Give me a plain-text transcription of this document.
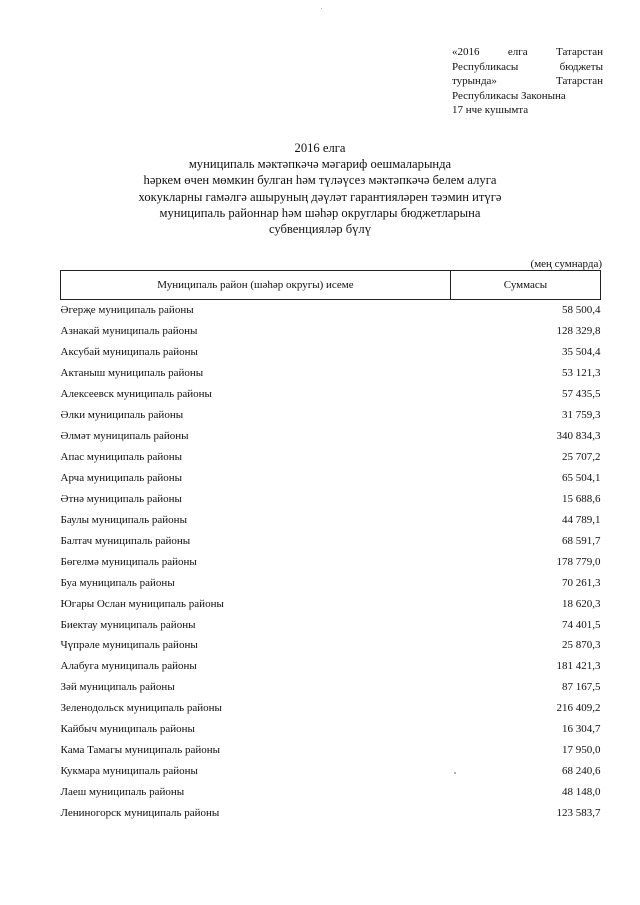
«2016	елга	Татарстан
Республикасы	бюджеты
турында»	Татарстан
Республикасы Законына
17 нче кушымта
2016 елга
муниципаль мәктәпкәчә мәгариф оешмаларында
һәркем өчен мөмкин булган һәм түләүсез мәктәпкәчә белем алуга
хокукларны гамәлгә ашыруның дәүләт гарантияләрен тәэмин итүгә
муниципаль районнар һәм шәһәр округлары бюджетларына
субвенцияләр бүлү
(мең сумнарда)
Муниципаль район (шәһәр округы) исеме	Суммасы
Әгерҗе муниципаль районы	58 500,4
Азнакай муниципаль районы	128 329,8
Аксубай муниципаль районы	35 504,4
Актаныш муниципаль районы	53 121,3
Алексеевск муниципаль районы	57 435,5
Әлки муниципаль районы	31 759,3
Әлмәт муниципаль районы	340 834,3
Апас муниципаль районы	25 707,2
Арча муниципаль районы	65 504,1
Әтнә муниципаль районы	15 688,6
Баулы муниципаль районы	44 789,1
Балтач муниципаль районы	68 591,7
Бөгелмә муниципаль районы	178 779,0
Буа муниципаль районы	70 261,3
Югары Ослан муниципаль районы	18 620,3
Биектау муниципаль районы	74 401,5
Чүпрәле муниципаль районы	25 870,3
Алабуга муниципаль районы	181 421,3
Зәй муниципаль районы	87 167,5
Зеленодольск муниципаль районы	216 409,2
Кайбыч муниципаль районы	16 304,7
Кама Тамагы муниципаль районы	17 950,0
Кукмара муниципаль районы	68 240,6
Лаеш муниципаль районы	48 148,0
Лениногорск муниципаль районы	123 583,7
